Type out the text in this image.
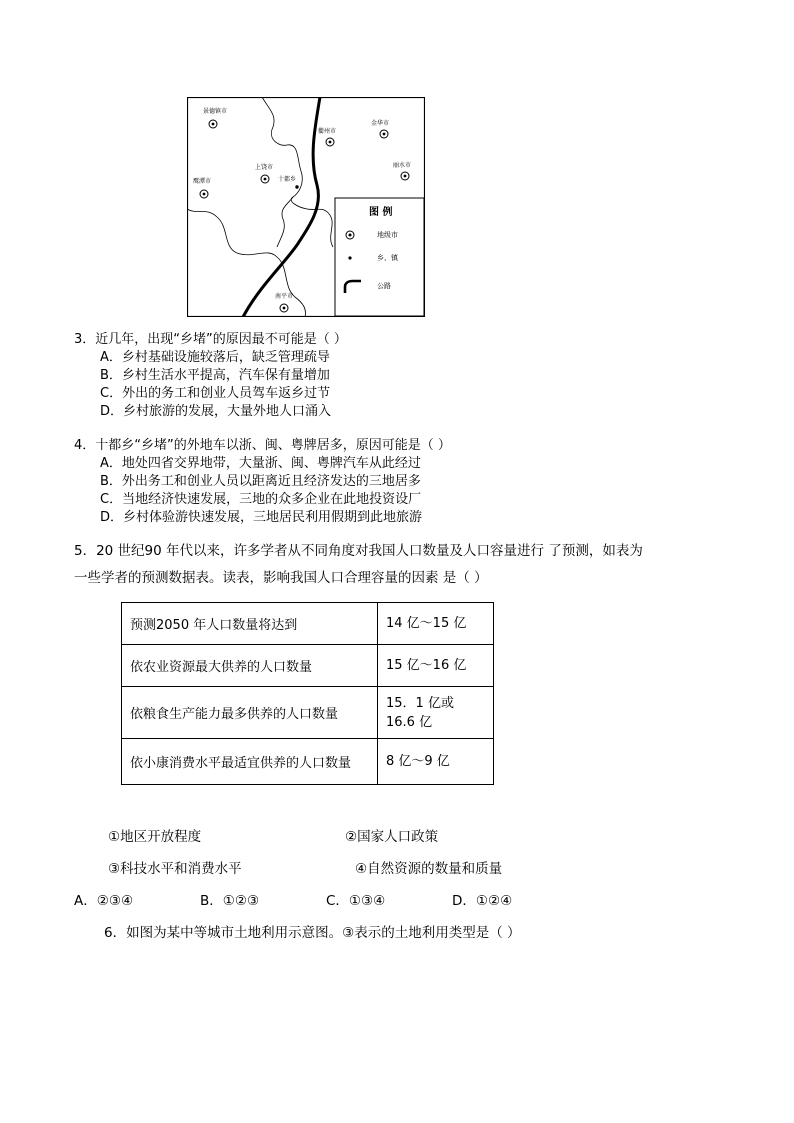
图 例
地级市
乡、镇
公路
景德镇市
衢州市
金华市
上饶市	丽水市
鹰潭市	十都乡
南平市
3．近几年，出现“乡堵”的原因最不可能是（ ）
A．乡村基础设施较落后，缺乏管理疏导
B．乡村生活水平提高，汽车保有量增加
C．外出的务工和创业人员驾车返乡过节
D．乡村旅游的发展，大量外地人口涌入
4．十都乡“乡堵”的外地车以浙、闽、粤牌居多，原因可能是（ ）
A．地处四省交界地带，大量浙、闽、粤牌汽车从此经过
B．外出务工和创业人员以距离近且经济发达的三地居多
C．当地经济快速发展，三地的众多企业在此地投资设厂
D．乡村体验游快速发展，三地居民利用假期到此地旅游
5．20 世纪90 年代以来，许多学者从不同角度对我国人口数量及人口容量进行 了预测，如表为
一些学者的预测数据表。读表，影响我国人口合理容量的因素 是（ ）
预测2050 年人口数量将达到	14 亿～15 亿
依农业资源最大供养的人口数量	15 亿～16 亿
依粮食生产能力最多供养的人口数量	15．1 亿或 16.6 亿
依小康消费水平最适宜供养的人口数量	8 亿～9 亿
①地区开放程度	②国家人口政策
③科技水平和消费水平	④自然资源的数量和质量
A．②③④	B．①②③	C．①③④	D．①②④
6．如图为某中等城市土地利用示意图。③表示的土地利用类型是（ ）
